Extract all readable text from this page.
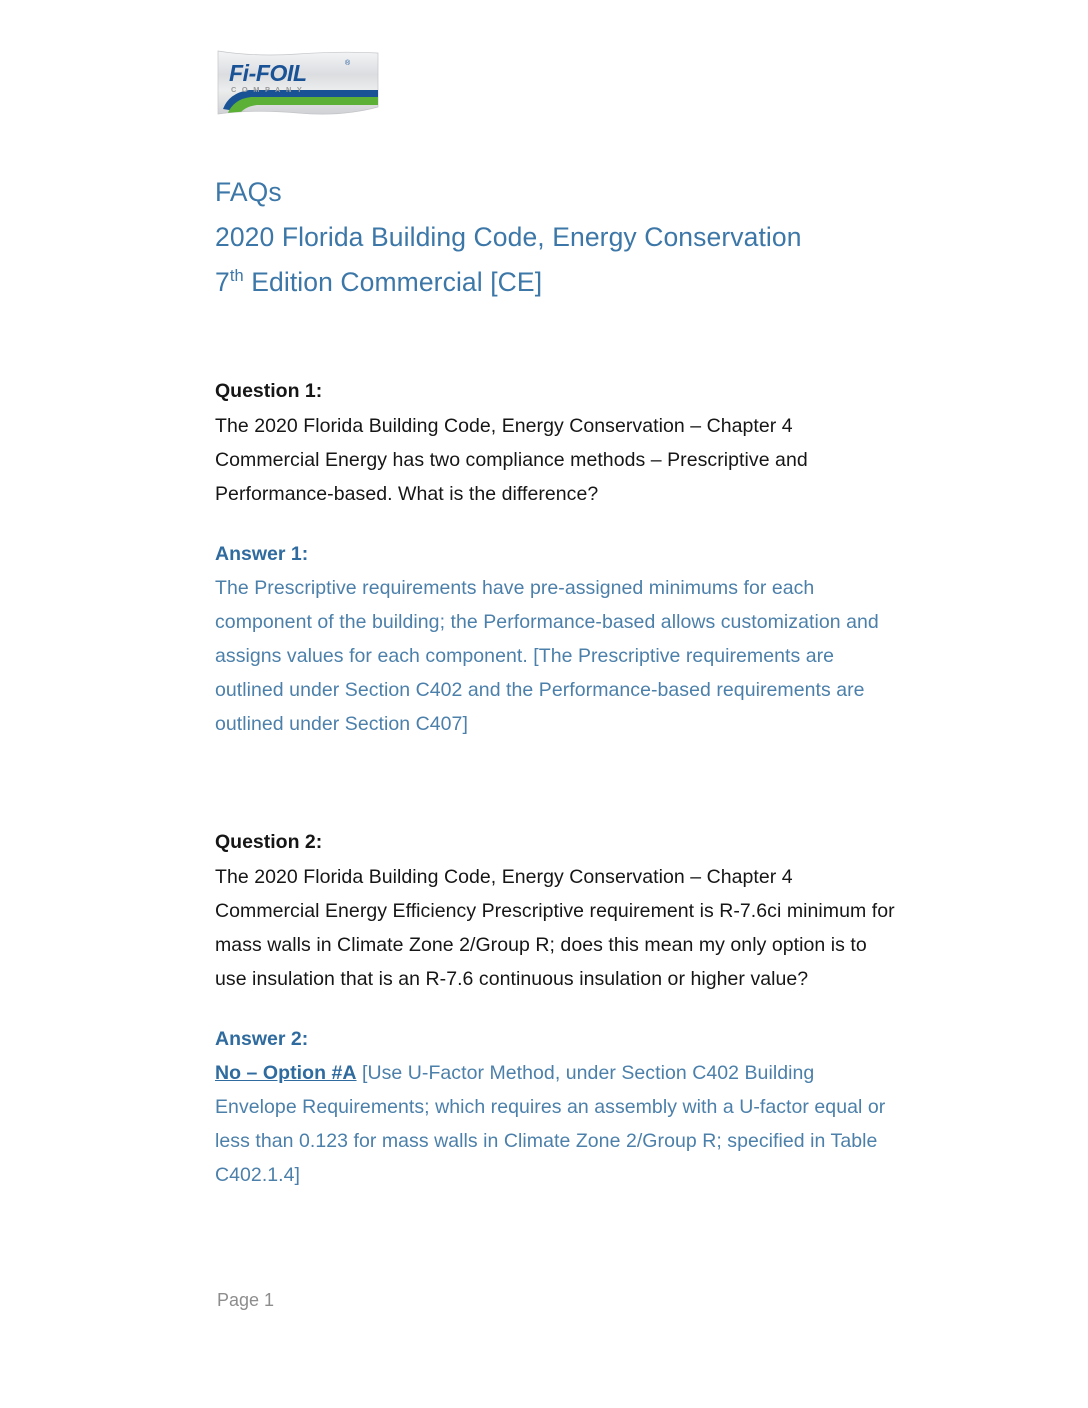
Fi-FOIL	®
COMPANY
FAQs
2020 Florida Building Code, Energy Conservation
7th Edition Commercial [CE]

Question 1:

The 2020 Florida Building Code, Energy Conservation – Chapter 4 Commercial Energy has two compliance methods – Prescriptive and Performance-based. What is the difference?

Answer 1:

The Prescriptive requirements have pre-assigned minimums for each component of the building; the Performance-based allows customization and assigns values for each component. [The Prescriptive requirements are outlined under Section C402 and the Performance-based requirements are outlined under Section C407]

Question 2:

The 2020 Florida Building Code, Energy Conservation – Chapter 4 Commercial Energy Efficiency Prescriptive requirement is R-7.6ci minimum for mass walls in Climate Zone 2/Group R; does this mean my only option is to use insulation that is an R-7.6 continuous insulation or higher value?

Answer 2:

No – Option #A [Use U-Factor Method, under Section C402 Building Envelope Requirements; which requires an assembly with a U-factor equal or less than 0.123 for mass walls in Climate Zone 2/Group R; specified in Table C402.1.4]

Page 1
